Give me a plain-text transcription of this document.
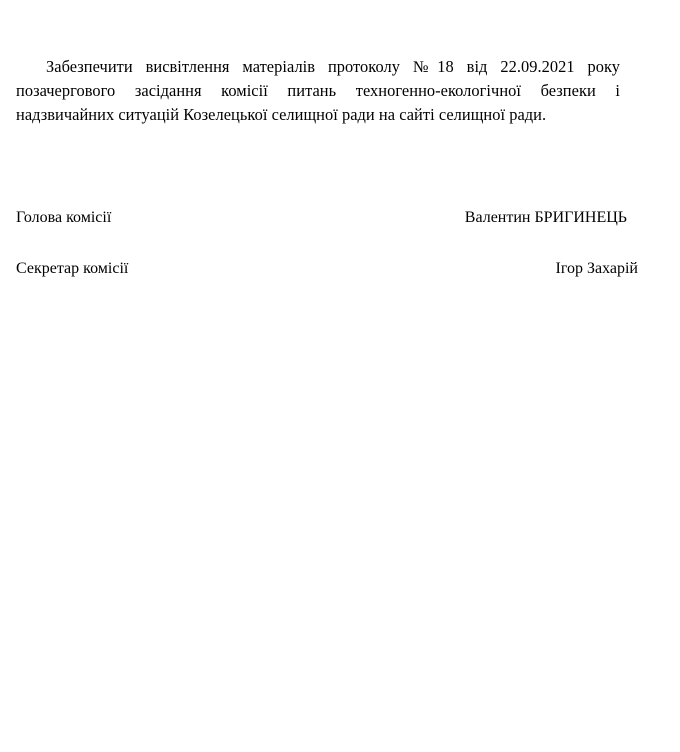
Забезпечити висвітлення матеріалів протоколу №18 від 22.09.2021 року позачергового засідання комісії питань техногенно-екологічної безпеки і надзвичайних ситуацій Козелецької селищної ради на сайті селищної ради.

Голова комісії	Валентин БРИГИНЕЦЬ
Секретар комісії	Ігор Захарій
